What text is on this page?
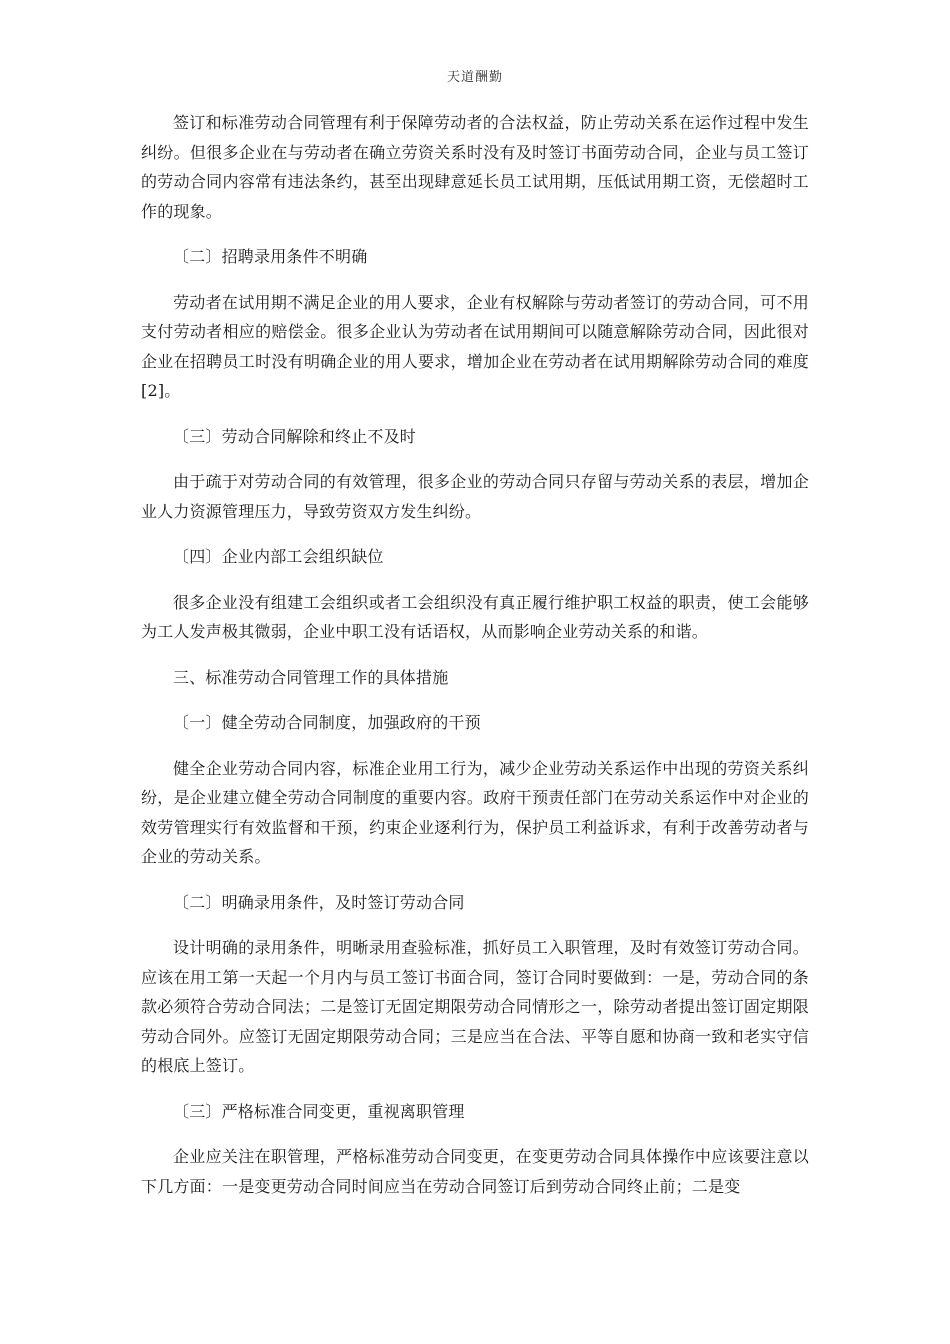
天道酬勤

签订和标准劳动合同管理有利于保障劳动者的合法权益，防止劳动关系在运作过程中发生纠纷。但很多企业在与劳动者在确立劳资关系时没有及时签订书面劳动合同，企业与员工签订的劳动合同内容常有违法条约，甚至出现肆意延长员工试用期，压低试用期工资，无偿超时工作的现象。

〔二〕招聘录用条件不明确

劳动者在试用期不满足企业的用人要求，企业有权解除与劳动者签订的劳动合同，可不用支付劳动者相应的赔偿金。很多企业认为劳动者在试用期间可以随意解除劳动合同，因此很对企业在招聘员工时没有明确企业的用人要求，增加企业在劳动者在试用期解除劳动合同的难度[2]。

〔三〕劳动合同解除和终止不及时

由于疏于对劳动合同的有效管理，很多企业的劳动合同只存留与劳动关系的表层，增加企业人力资源管理压力，导致劳资双方发生纠纷。

〔四〕企业内部工会组织缺位

很多企业没有组建工会组织或者工会组织没有真正履行维护职工权益的职责，使工会能够为工人发声极其微弱，企业中职工没有话语权，从而影响企业劳动关系的和谐。

三、标准劳动合同管理工作的具体措施

〔一〕健全劳动合同制度，加强政府的干预

健全企业劳动合同内容，标准企业用工行为，减少企业劳动关系运作中出现的劳资关系纠纷，是企业建立健全劳动合同制度的重要内容。政府干预责任部门在劳动关系运作中对企业的效劳管理实行有效监督和干预，约束企业逐利行为，保护员工利益诉求，有利于改善劳动者与企业的劳动关系。

〔二〕明确录用条件，及时签订劳动合同

设计明确的录用条件，明晰录用查验标准，抓好员工入职管理，及时有效签订劳动合同。应该在用工第一天起一个月内与员工签订书面合同，签订合同时要做到：一是，劳动合同的条款必须符合劳动合同法；二是签订无固定期限劳动合同情形之一，除劳动者提出签订固定期限劳动合同外。应签订无固定期限劳动合同；三是应当在合法、平等自愿和协商一致和老实守信的根底上签订。

〔三〕严格标准合同变更，重视离职管理

企业应关注在职管理，严格标准劳动合同变更，在变更劳动合同具体操作中应该要注意以下几方面：一是变更劳动合同时间应当在劳动合同签订后到劳动合同终止前；二是变
